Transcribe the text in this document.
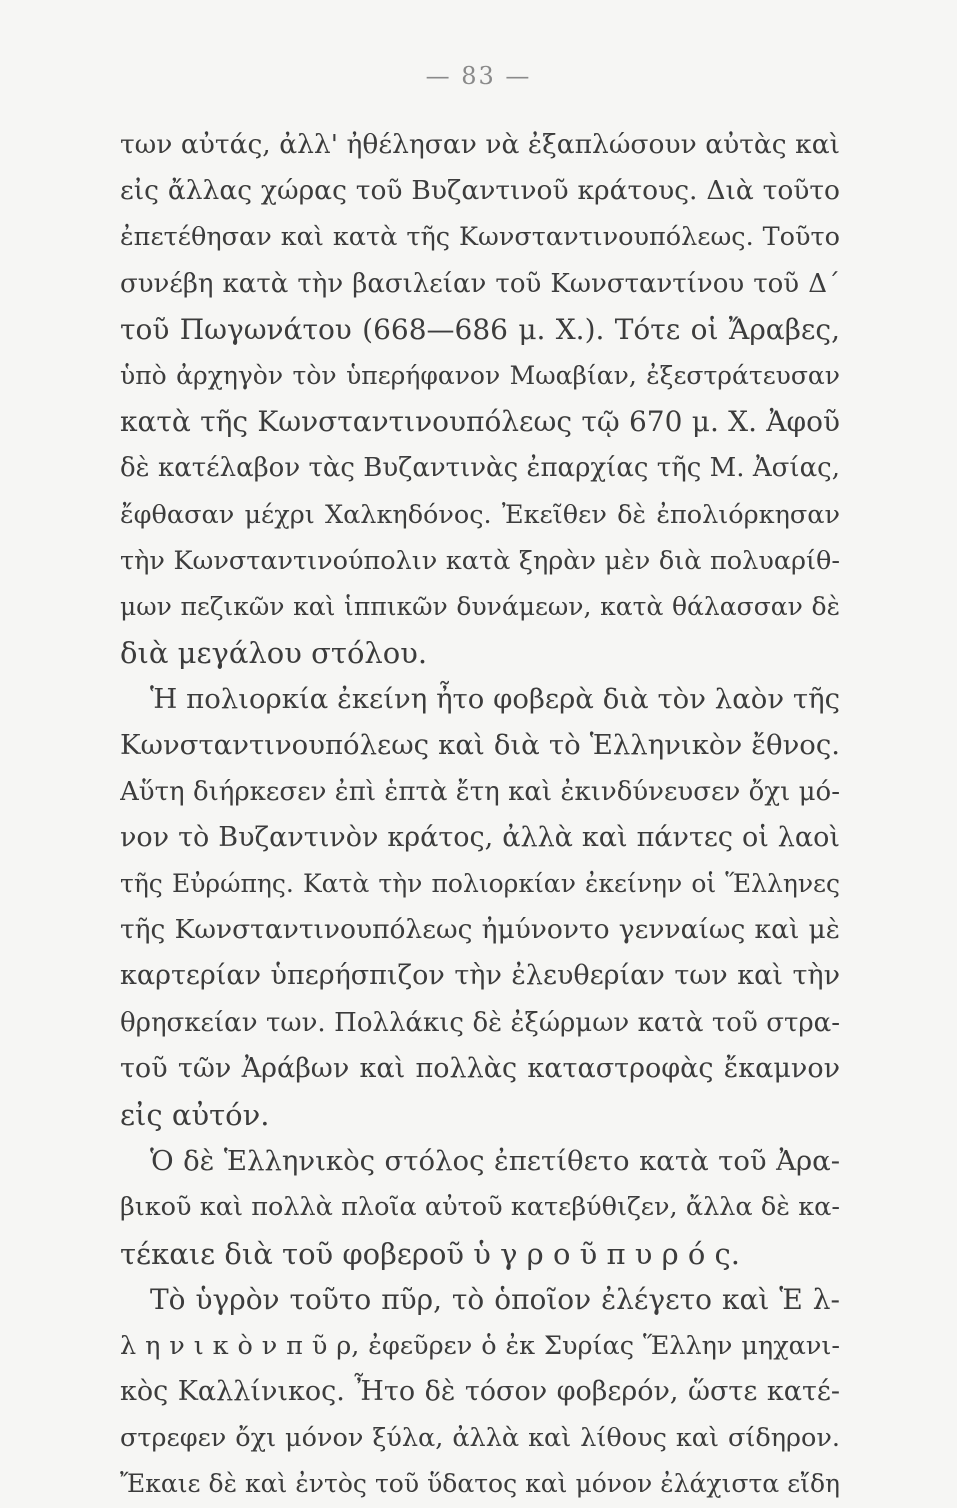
— 83 —
των αὐτάς, ἀλλ' ἠθέλησαν νὰ ἐξαπλώσουν αὐτὰς καὶ
εἰς ἄλλας χώρας τοῦ Βυζαντινοῦ κράτους. Διὰ τοῦτο
ἐπετέθησαν καὶ κατὰ τῆς Κωνσταντινουπόλεως. Τοῦτο
συνέβη κατὰ τὴν βασιλείαν τοῦ Κωνσταντίνου τοῦ Δ΄
τοῦ Πωγωνάτου (668—686 μ. Χ.). Τότε οἱ Ἄραβες,
ὑπὸ ἀρχηγὸν τὸν ὑπερήφανον Μωαβίαν, ἐξεστράτευσαν
κατὰ τῆς Κωνσταντινουπόλεως τῷ 670 μ. Χ. Ἀφοῦ
δὲ κατέλαβον τὰς Βυζαντινὰς ἐπαρχίας τῆς Μ. Ἀσίας,
ἔφθασαν μέχρι Χαλκηδόνος. Ἐκεῖθεν δὲ ἐπολιόρκησαν
τὴν Κωνσταντινούπολιν κατὰ ξηρὰν μὲν διὰ πολυαρίθ-
μων πεζικῶν καὶ ἱππικῶν δυνάμεων, κατὰ θάλασσαν δὲ
διὰ μεγάλου στόλου.
Ἡ πολιορκία ἐκείνη ἦτο φοβερὰ διὰ τὸν λαὸν τῆς
Κωνσταντινουπόλεως καὶ διὰ τὸ Ἑλληνικὸν ἔθνος.
Αὕτη διήρκεσεν ἐπὶ ἑπτὰ ἔτη καὶ ἐκινδύνευσεν ὄχι μό-
νον τὸ Βυζαντινὸν κράτος, ἀλλὰ καὶ πάντες οἱ λαοὶ
τῆς Εὐρώπης. Κατὰ τὴν πολιορκίαν ἐκείνην οἱ Ἕλληνες
τῆς Κωνσταντινουπόλεως ἠμύνοντο γενναίως καὶ μὲ
καρτερίαν ὑπερήσπιζον τὴν ἐλευθερίαν των καὶ τὴν
θρησκείαν των. Πολλάκις δὲ ἐξώρμων κατὰ τοῦ στρα-
τοῦ τῶν Ἀράβων καὶ πολλὰς καταστροφὰς ἔκαμνον
εἰς αὐτόν.
Ὁ δὲ Ἑλληνικὸς στόλος ἐπετίθετο κατὰ τοῦ Ἀρα-
βικοῦ καὶ πολλὰ πλοῖα αὐτοῦ κατεβύθιζεν, ἄλλα δὲ κα-
τέκαιε διὰ τοῦ φοβεροῦ ὑ γ ρ ο ῦ π υ ρ ό ς.
Τὸ ὑγρὸν τοῦτο πῦρ, τὸ ὁποῖον ἐλέγετο καὶ Ἑ λ-
λ η ν ι κ ὸ ν π ῦ ρ, ἐφεῦρεν ὁ ἐκ Συρίας Ἕλλην μηχανι-
κὸς Καλλίνικος. Ἦτο δὲ τόσον φοβερόν, ὥστε κατέ-
στρεφεν ὄχι μόνον ξύλα, ἀλλὰ καὶ λίθους καὶ σίδηρον.
Ἔκαιε δὲ καὶ ἐντὸς τοῦ ὕδατος καὶ μόνον ἐλάχιστα εἴδη
